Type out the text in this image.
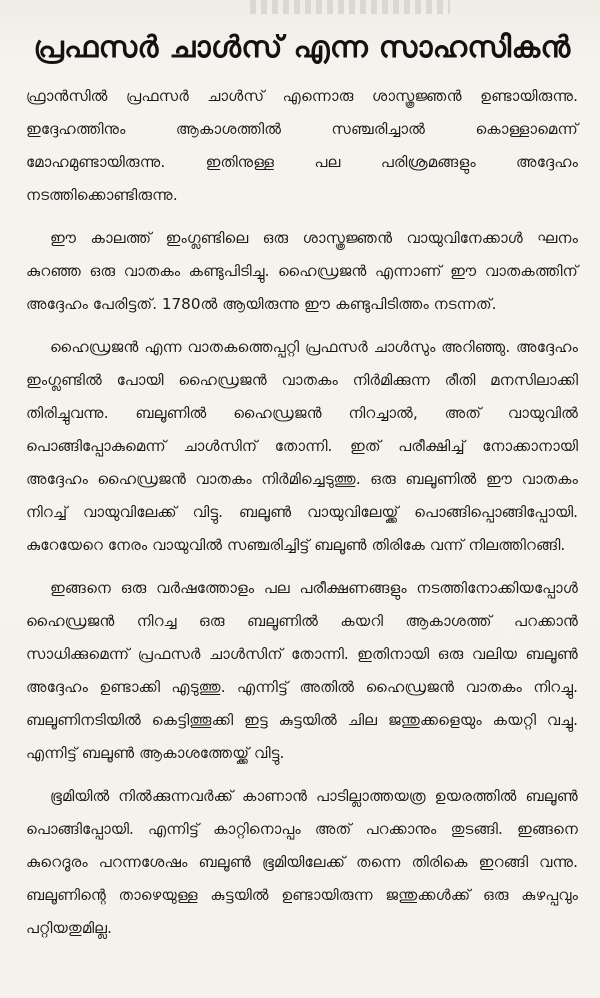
പ്രഫസർ ചാൾസ് എന്ന സാഹസികൻ

ഫ്രാൻസിൽ പ്രഫസർ ചാൾസ് എന്നൊരു ശാസ്ത്രജ്ഞൻ ഉണ്ടായിരുന്നു. ഇദ്ദേഹത്തിനും ആകാശത്തിൽ സഞ്ചരിച്ചാൽ കൊള്ളാമെന്ന് മോഹമുണ്ടായിരുന്നു. ഇതിനുള്ള പല പരിശ്രമങ്ങളും അദ്ദേഹം നടത്തിക്കൊണ്ടിരുന്നു.

ഈ കാലത്ത് ഇംഗ്ലണ്ടിലെ ഒരു ശാസ്ത്രജ്ഞൻ വായുവിനേക്കാൾ ഘനം കുറഞ്ഞ ഒരു വാതകം കണ്ടുപിടിച്ചു. ഹൈഡ്രജൻ എന്നാണ് ഈ വാതകത്തിന് അദ്ദേഹം പേരിട്ടത്. 1780ൽ ആയിരുന്നു ഈ കണ്ടുപിടിത്തം നടന്നത്.

ഹൈഡ്രജൻ എന്ന വാതകത്തെപ്പറ്റി പ്രഫസർ ചാൾസും അറിഞ്ഞു. അദ്ദേഹം ഇംഗ്ലണ്ടിൽ പോയി ഹൈഡ്രജൻ വാതകം നിർമിക്കുന്ന രീതി മനസിലാക്കി തിരിച്ചുവന്നു. ബലൂണിൽ ഹൈഡ്രജൻ നിറച്ചാൽ, അത് വായുവിൽ പൊങ്ങിപ്പോകുമെന്ന് ചാൾസിന് തോന്നി. ഇത് പരീക്ഷിച്ച് നോക്കാനായി അദ്ദേഹം ഹൈഡ്രജൻ വാതകം നിർമിച്ചെടുത്തു. ഒരു ബലൂണിൽ ഈ വാതകം നിറച്ച് വായുവിലേക്ക് വിട്ടു. ബലൂൺ വായുവിലേയ്ക്ക് പൊങ്ങിപ്പൊങ്ങിപ്പോയി. കുറേയേറെ നേരം വായുവിൽ സഞ്ചരിച്ചിട്ട് ബലൂൺ തിരികേ വന്ന് നിലത്തിറങ്ങി.

ഇങ്ങനെ ഒരു വർഷത്തോളം പല പരീക്ഷണങ്ങളും നടത്തിനോക്കിയപ്പോൾ ഹൈഡ്രജൻ നിറച്ച ഒരു ബലൂണിൽ കയറി ആകാശത്ത് പറക്കാൻ സാധിക്കുമെന്ന് പ്രഫസർ ചാൾസിന് തോന്നി. ഇതിനായി ഒരു വലിയ ബലൂൺ അദ്ദേഹം ഉണ്ടാക്കി എടുത്തു. എന്നിട്ട് അതിൽ ഹൈഡ്രജൻ വാതകം നിറച്ചു. ബലൂണിനടിയിൽ കെട്ടിത്തൂക്കി ഇട്ട കുട്ടയിൽ ചില ജന്തുക്കളെയും കയറ്റി വച്ചു. എന്നിട്ട് ബലൂൺ ആകാശത്തേയ്ക്ക് വിട്ടു.

ഭൂമിയിൽ നിൽക്കുന്നവർക്ക് കാണാൻ പാടില്ലാത്തയത്ര ഉയരത്തിൽ ബലൂൺ പൊങ്ങിപ്പോയി. എന്നിട്ട് കാറ്റിനൊപ്പം അത് പറക്കാനും തുടങ്ങി. ഇങ്ങനെ കുറെദൂരം പറന്നശേഷം ബലൂൺ ഭൂമിയിലേക്ക് തന്നെ തിരികെ ഇറങ്ങി വന്നു. ബലൂണിന്റെ താഴെയുള്ള കുട്ടയിൽ ഉണ്ടായിരുന്ന ജന്തുക്കൾക്ക് ഒരു കുഴപ്പവും പറ്റിയതുമില്ല.
